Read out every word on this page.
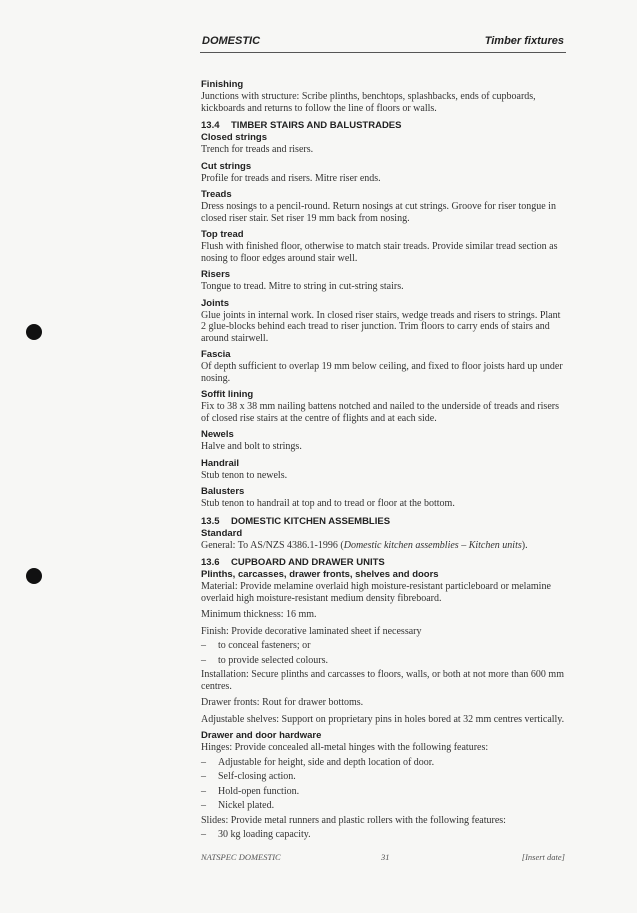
DOMESTIC	Timber fixtures
Finishing
Junctions with structure: Scribe plinths, benchtops, splashbacks, ends of cupboards, kickboards and returns to follow the line of floors or walls.
13.4 TIMBER STAIRS AND BALUSTRADES
Closed strings
Trench for treads and risers.
Cut strings
Profile for treads and risers. Mitre riser ends.
Treads
Dress nosings to a pencil-round. Return nosings at cut strings. Groove for riser tongue in closed riser stair. Set riser 19 mm back from nosing.
Top tread
Flush with finished floor, otherwise to match stair treads. Provide similar tread section as nosing to floor edges around stair well.
Risers
Tongue to tread. Mitre to string in cut-string stairs.
Joints
Glue joints in internal work. In closed riser stairs, wedge treads and risers to strings. Plant 2 glue-blocks behind each tread to riser junction. Trim floors to carry ends of stairs and around stairwell.
Fascia
Of depth sufficient to overlap 19 mm below ceiling, and fixed to floor joists hard up under nosing.
Soffit lining
Fix to 38 x 38 mm nailing battens notched and nailed to the underside of treads and risers of closed rise stairs at the centre of flights and at each side.
Newels
Halve and bolt to strings.
Handrail
Stub tenon to newels.
Balusters
Stub tenon to handrail at top and to tread or floor at the bottom.
13.5 DOMESTIC KITCHEN ASSEMBLIES
Standard
General: To AS/NZS 4386.1-1996 (Domestic kitchen assemblies – Kitchen units).
13.6 CUPBOARD AND DRAWER UNITS
Plinths, carcasses, drawer fronts, shelves and doors
Material: Provide melamine overlaid high moisture-resistant particleboard or melamine overlaid high moisture-resistant medium density fibreboard.
Minimum thickness: 16 mm.
Finish: Provide decorative laminated sheet if necessary
– to conceal fasteners; or
– to provide selected colours.
Installation: Secure plinths and carcasses to floors, walls, or both at not more than 600 mm centres.
Drawer fronts: Rout for drawer bottoms.
Adjustable shelves: Support on proprietary pins in holes bored at 32 mm centres vertically.
Drawer and door hardware
Hinges: Provide concealed all-metal hinges with the following features:
– Adjustable for height, side and depth location of door.
– Self-closing action.
– Hold-open function.
– Nickel plated.
Slides: Provide metal runners and plastic rollers with the following features:
– 30 kg loading capacity.
NATSPEC DOMESTIC	31	[Insert date]
